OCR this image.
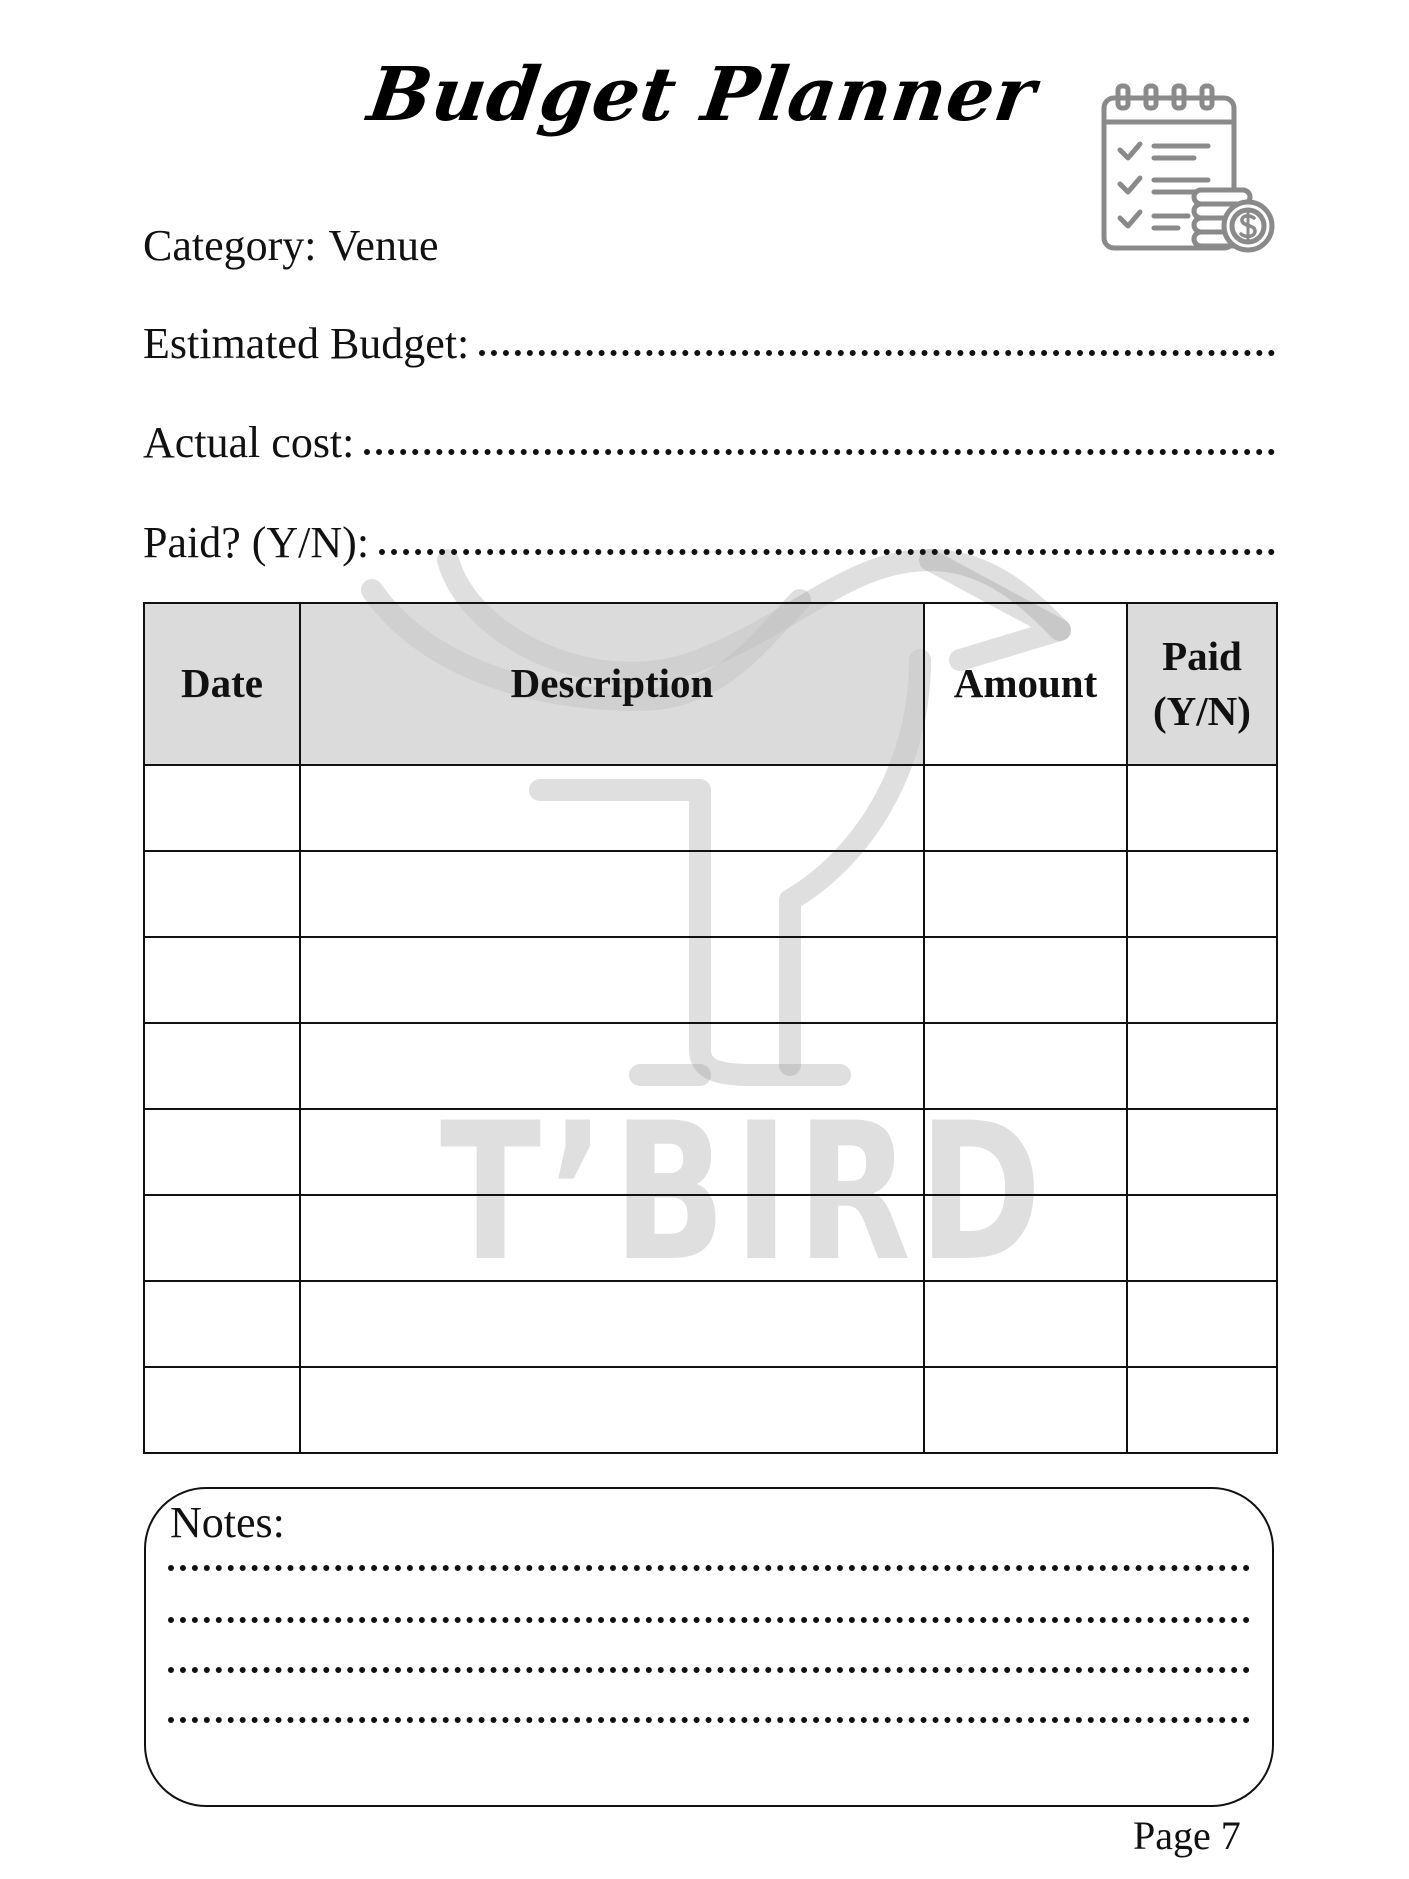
T’BIRD
Budget Planner
Category: Venue
Estimated Budget:
Actual cost:
Paid? (Y/N):
Date	Description	Amount	Paid
(Y/N)

Notes:
Page 7
